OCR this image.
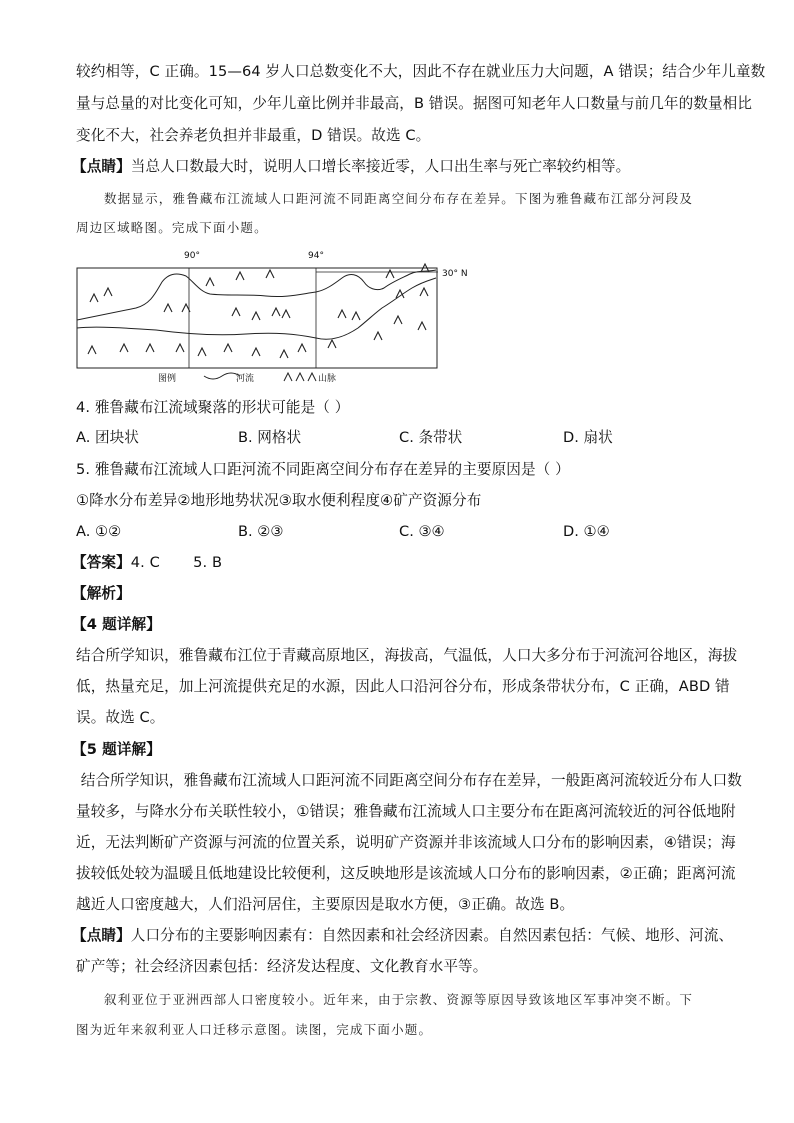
较约相等，C 正确。15—64 岁人口总数变化不大，因此不存在就业压力大问题，A 错误；结合少年儿童数
量与总量的对比变化可知，少年儿童比例并非最高，B 错误。据图可知老年人口数量与前几年的数量相比
变化不大，社会养老负担并非最重，D 错误。故选 C。
【点睛】当总人口数最大时，说明人口增长率接近零，人口出生率与死亡率较约相等。
数据显示，雅鲁藏布江流域人口距河流不同距离空间分布存在差异。下图为雅鲁藏布江部分河段及
周边区域略图。完成下面小题。
90°	94°
30° N
图例	河流	山脉
4. 雅鲁藏布江流域聚落的形状可能是（ ）
A. 团块状	B. 网格状	C. 条带状	D. 扇状
5. 雅鲁藏布江流域人口距河流不同距离空间分布存在差异的主要原因是（ ）
①降水分布差异②地形地势状况③取水便利程度④矿产资源分布
A. ①②	B. ②③	C. ③④	D. ①④
【答案】4. C       5. B
【解析】
【4 题详解】
结合所学知识，雅鲁藏布江位于青藏高原地区，海拔高，气温低，人口大多分布于河流河谷地区，海拔
低，热量充足，加上河流提供充足的水源，因此人口沿河谷分布，形成条带状分布，C 正确，ABD 错
误。故选 C。
【5 题详解】
结合所学知识，雅鲁藏布江流域人口距河流不同距离空间分布存在差异，一般距离河流较近分布人口数
量较多，与降水分布关联性较小，①错误；雅鲁藏布江流域人口主要分布在距离河流较近的河谷低地附
近，无法判断矿产资源与河流的位置关系，说明矿产资源并非该流域人口分布的影响因素，④错误；海
拔较低处较为温暖且低地建设比较便利，这反映地形是该流域人口分布的影响因素，②正确；距离河流
越近人口密度越大，人们沿河居住，主要原因是取水方便，③正确。故选 B。
【点睛】人口分布的主要影响因素有：自然因素和社会经济因素。自然因素包括：气候、地形、河流、
矿产等；社会经济因素包括：经济发达程度、文化教育水平等。
叙利亚位于亚洲西部人口密度较小。近年来，由于宗教、资源等原因导致该地区军事冲突不断。下
图为近年来叙利亚人口迁移示意图。读图，完成下面小题。
